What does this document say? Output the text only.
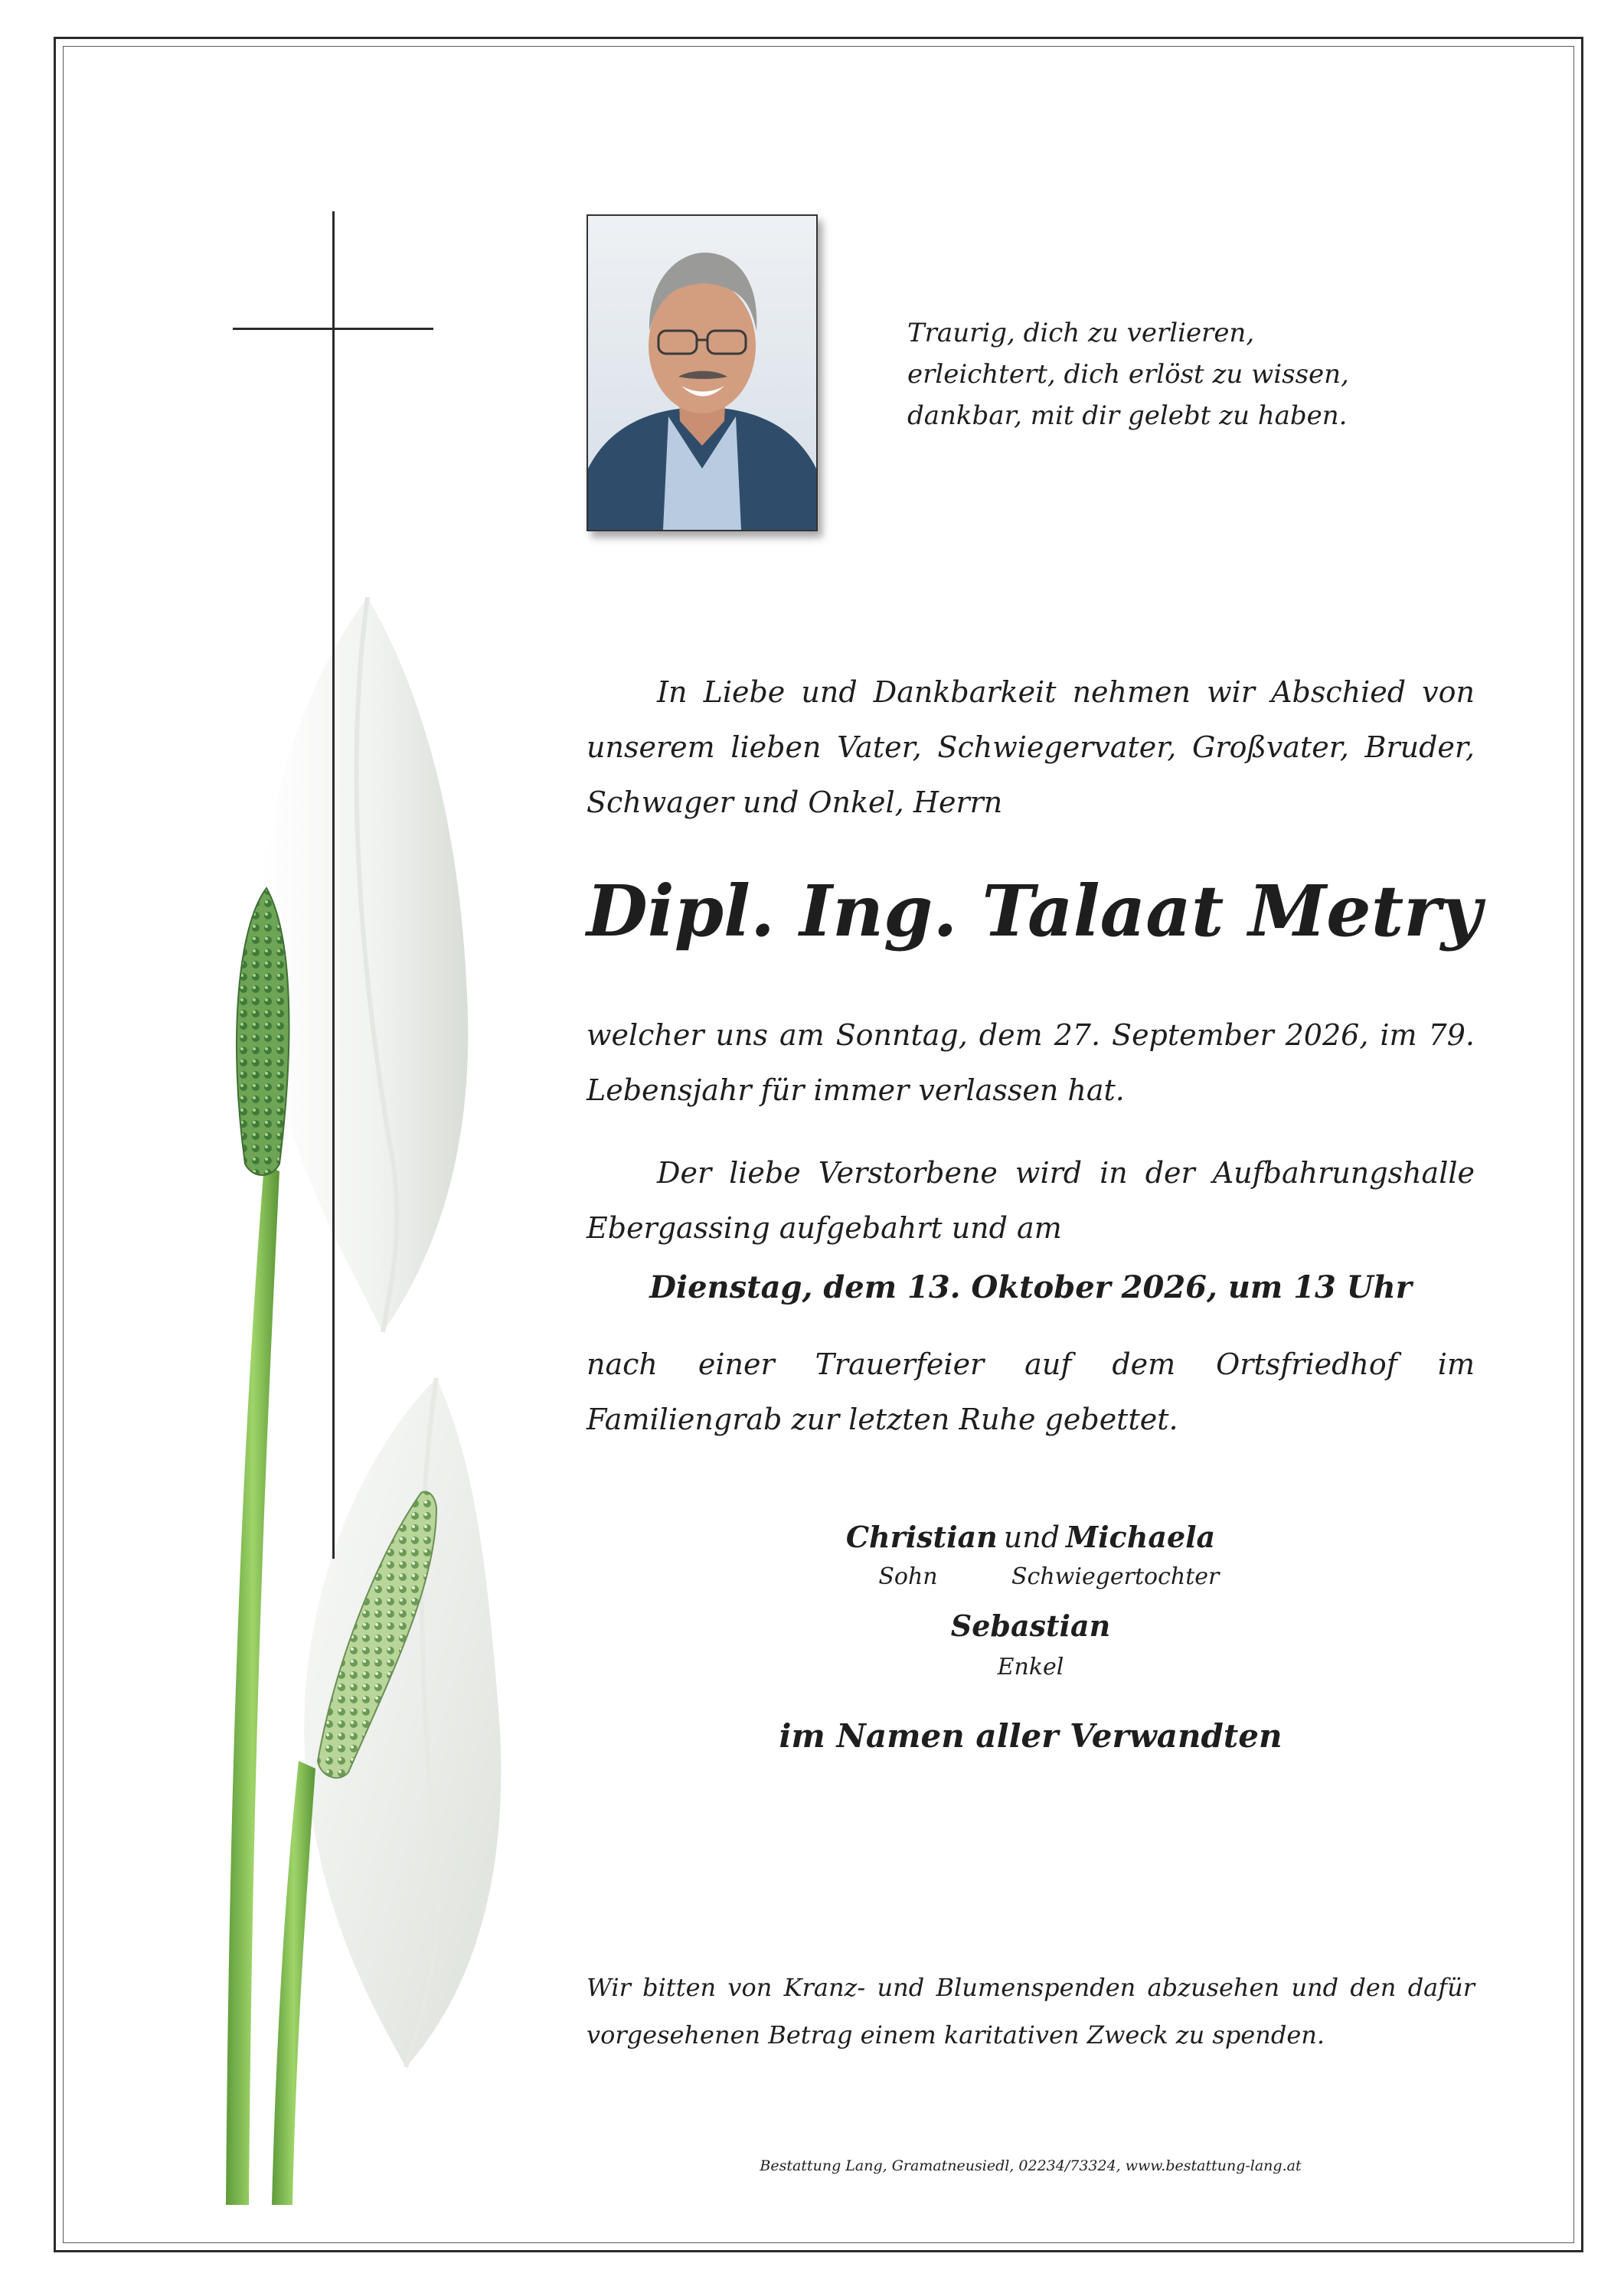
Traurig, dich zu verlieren,
erleichtert, dich erlöst zu wissen,
dankbar, mit dir gelebt zu haben.
In Liebe und Dankbarkeit nehmen wir Abschied von unserem lieben Vater, Schwiegervater, Großvater, Bruder, Schwager und Onkel, Herrn
Dipl. Ing. Talaat Metry
welcher uns am Sonntag, dem 27. September 2026, im 79. Lebensjahr für immer verlassen hat.
Der liebe Verstorbene wird in der Aufbahrungshalle Ebergassing aufgebahrt und am
Dienstag, dem 13. Oktober 2026, um 13 Uhr
nach einer Trauerfeier auf dem Ortsfriedhof im Familiengrab zur letzten Ruhe gebettet.
Christian und Michaela
Sohn	Schwiegertochter
Sebastian
Enkel
im Namen aller Verwandten
Wir bitten von Kranz- und Blumenspenden abzusehen und den dafür vorgesehenen Betrag einem karitativen Zweck zu spenden.
Bestattung Lang, Gramatneusiedl, 02234/73324, www.bestattung-lang.at
